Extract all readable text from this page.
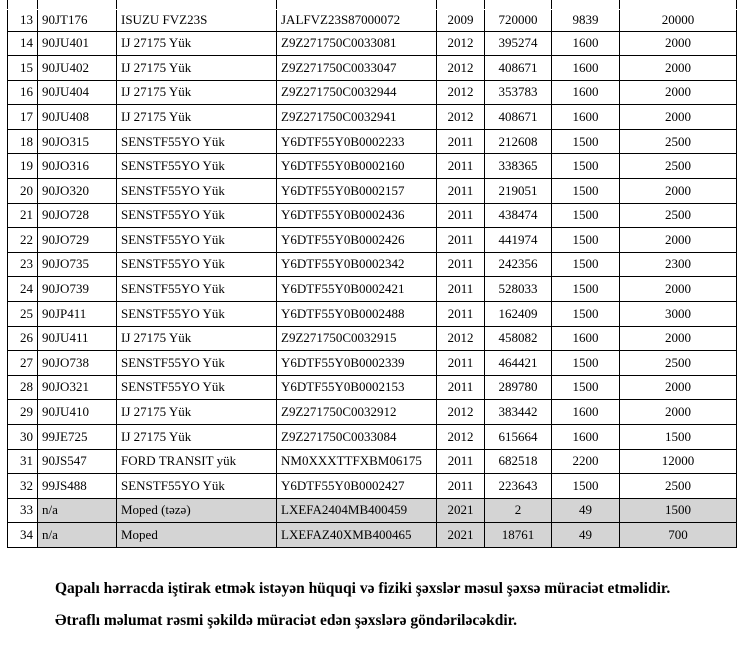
13	90JT176	ISUZU FVZ23S	JALFVZ23S87000072	2009	720000	9839	20000
14	90JU401	IJ 27175 Yük	Z9Z271750C0033081	2012	395274	1600	2000
15	90JU402	IJ 27175 Yük	Z9Z271750C0033047	2012	408671	1600	2000
16	90JU404	IJ 27175 Yük	Z9Z271750C0032944	2012	353783	1600	2000
17	90JU408	IJ 27175 Yük	Z9Z271750C0032941	2012	408671	1600	2000
18	90JO315	SENSTF55YO Yük	Y6DTF55Y0B0002233	2011	212608	1500	2500
19	90JO316	SENSTF55YO Yük	Y6DTF55Y0B0002160	2011	338365	1500	2500
20	90JO320	SENSTF55YO Yük	Y6DTF55Y0B0002157	2011	219051	1500	2000
21	90JO728	SENSTF55YO Yük	Y6DTF55Y0B0002436	2011	438474	1500	2500
22	90JO729	SENSTF55YO Yük	Y6DTF55Y0B0002426	2011	441974	1500	2000
23	90JO735	SENSTF55YO Yük	Y6DTF55Y0B0002342	2011	242356	1500	2300
24	90JO739	SENSTF55YO Yük	Y6DTF55Y0B0002421	2011	528033	1500	2000
25	90JP411	SENSTF55YO Yük	Y6DTF55Y0B0002488	2011	162409	1500	3000
26	90JU411	IJ 27175 Yük	Z9Z271750C0032915	2012	458082	1600	2000
27	90JO738	SENSTF55YO Yük	Y6DTF55Y0B0002339	2011	464421	1500	2500
28	90JO321	SENSTF55YO Yük	Y6DTF55Y0B0002153	2011	289780	1500	2000
29	90JU410	IJ 27175 Yük	Z9Z271750C0032912	2012	383442	1600	2000
30	99JE725	IJ 27175 Yük	Z9Z271750C0033084	2012	615664	1600	1500
31	90JS547	FORD TRANSIT yük	NM0XXXTTFXBM06175	2011	682518	2200	12000
32	99JS488	SENSTF55YO Yük	Y6DTF55Y0B0002427	2011	223643	1500	2500
33	n/a	Moped (təzə)	LXEFA2404MB400459	2021	2	49	1500
34	n/a	Moped	LXEFAZ40XMB400465	2021	18761	49	700

Qapalı hərracda iştirak etmək istəyən hüquqi və fiziki şəxslər məsul şəxsə müraciət etməlidir.

Ətraflı məlumat rəsmi şəkildə müraciət edən şəxslərə göndəriləcəkdir.
